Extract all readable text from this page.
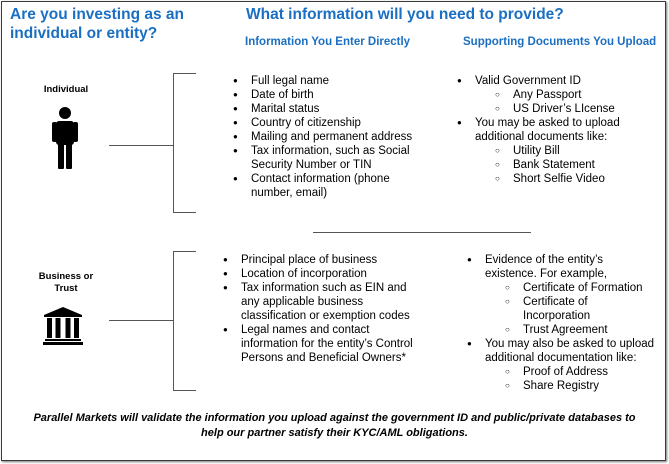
Are you investing as an individual or entity?
What information will you need to provide?
Information You Enter Directly	Supporting Documents You Upload
Individual
● Full legal name
● Date of birth
● Marital status
● Country of citizenship
● Mailing and permanent address
● Tax information, such as Social Security Number or TIN
● Contact information (phone number, email)
● Valid Government ID
○ Any Passport
○ US Driver’s LIcense
● You may be asked to upload additional documents like:
○ Utility Bill
○ Bank Statement
○ Short Selfie Video
Business or Trust
● Principal place of business
● Location of incorporation
● Tax information such as EIN and any applicable business classification or exemption codes
● Legal names and contact information for the entity’s Control Persons and Beneficial Owners*
● Evidence of the entity’s existence. For example,
○ Certificate of Formation
○ Certificate of Incorporation
○ Trust Agreement
● You may also be asked to upload additional documentation like:
○ Proof of Address
○ Share Registry
Parallel Markets will validate the information you upload against the government ID and public/private databases to help our partner satisfy their KYC/AML obligations.
